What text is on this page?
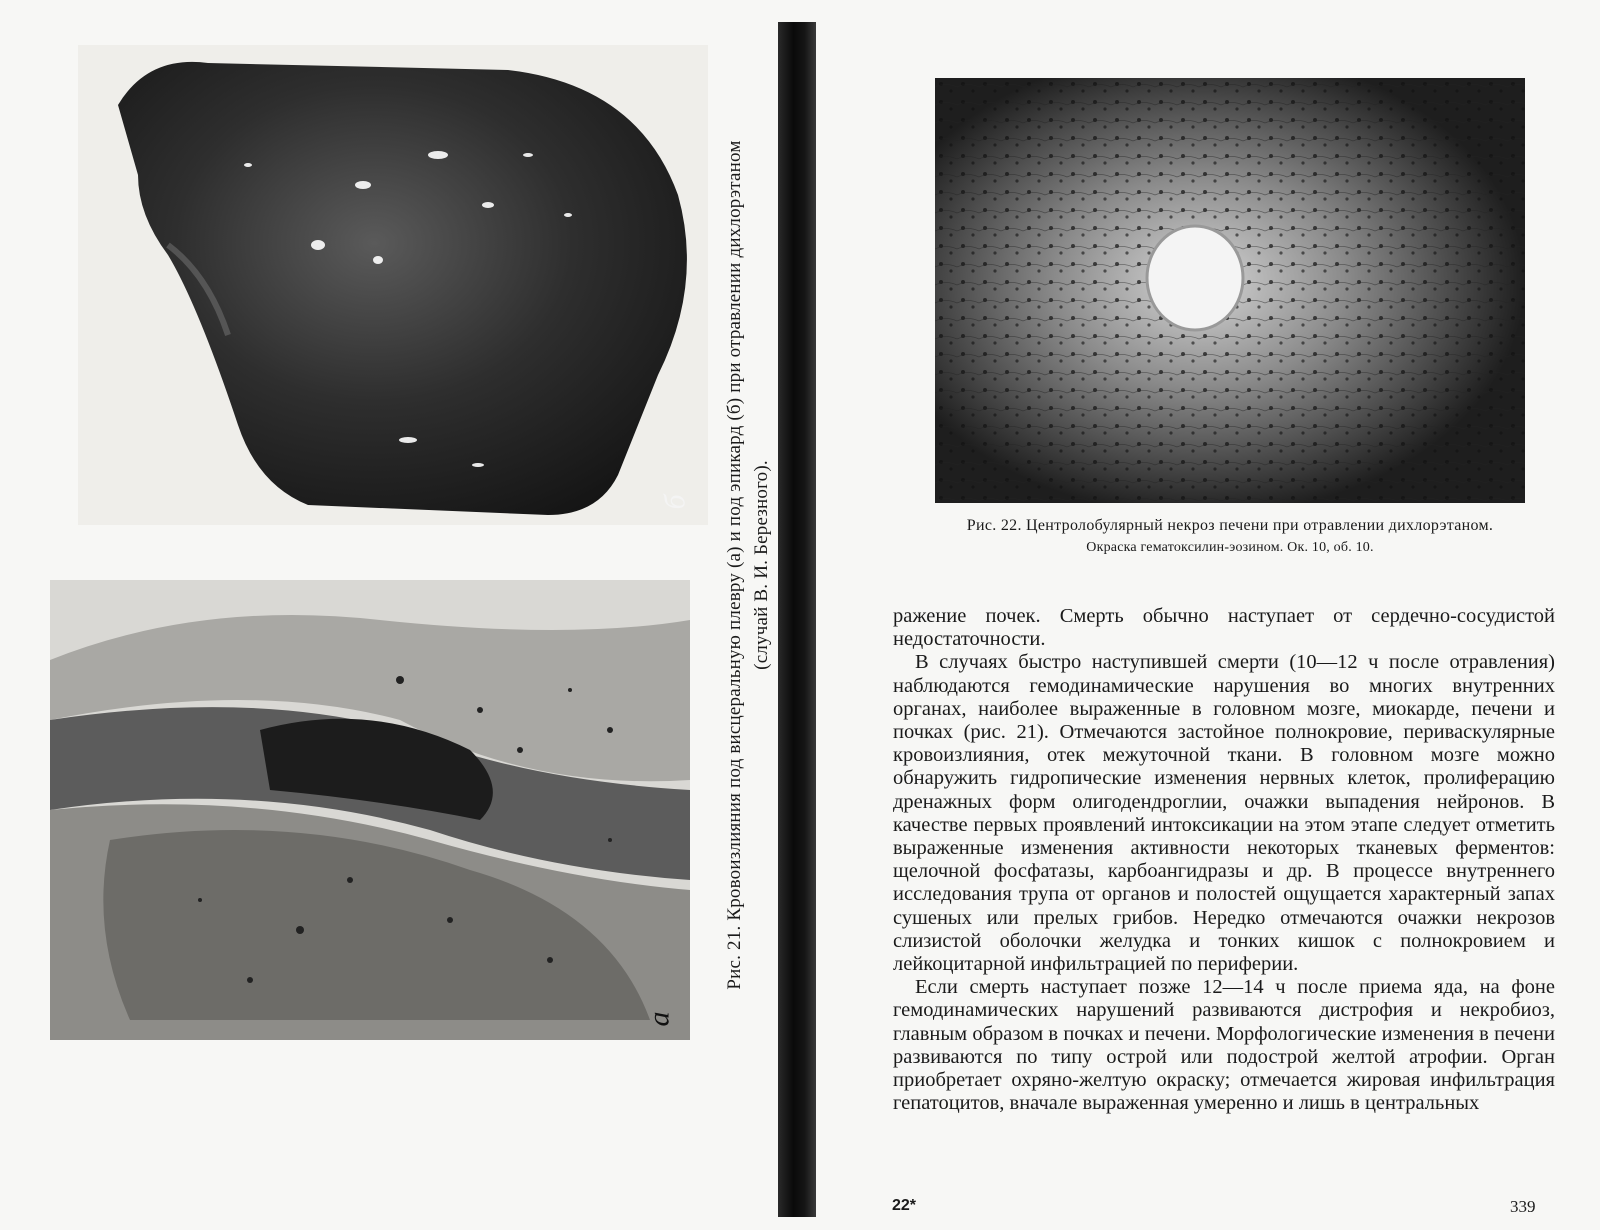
б
а
Рис. 21. Кровоизлияния под висцеральную плевру (а) и под эпикард (б) при отравлении дихлорэтаном (случай В. И. Березного).	Рис. 22. Центролобулярный некроз печени при отравлении дихлорэтаном.
Окраска гематоксилин-эозином. Ок. 10, об. 10.

ражение почек. Смерть обычно наступает от сердечно-сосудистой недостаточности.

В случаях быстро наступившей смерти (10—12 ч после отравления) наблюдаются гемодинамические нарушения во многих внутренних органах, наиболее выраженные в головном мозге, миокарде, печени и почках (рис. 21). Отмечаются застойное полнокровие, периваскулярные кровоизлияния, отек межуточной ткани. В головном мозге можно обнаружить гидропические изменения нервных клеток, пролиферацию дренажных форм олигодендроглии, очажки выпадения нейронов. В качестве первых проявлений интоксикации на этом этапе следует отметить выраженные изменения активности некоторых тканевых ферментов: щелочной фосфатазы, карбоангидразы и др. В процессе внутреннего исследования трупа от органов и полостей ощущается характерный запах сушеных или прелых грибов. Нередко отмечаются очажки некрозов слизистой оболочки желудка и тонких кишок с полнокровием и лейкоцитарной инфильтрацией по периферии.

Если смерть наступает позже 12—14 ч после приема яда, на фоне гемодинамических нарушений развиваются дистрофия и некробиоз, главным образом в почках и печени. Морфологические изменения в печени развиваются по типу острой или подострой желтой атрофии. Орган приобретает охряно-желтую окраску; отмечается жировая инфильтрация гепатоцитов, вначале выраженная умеренно и лишь в центральных

22*	339
